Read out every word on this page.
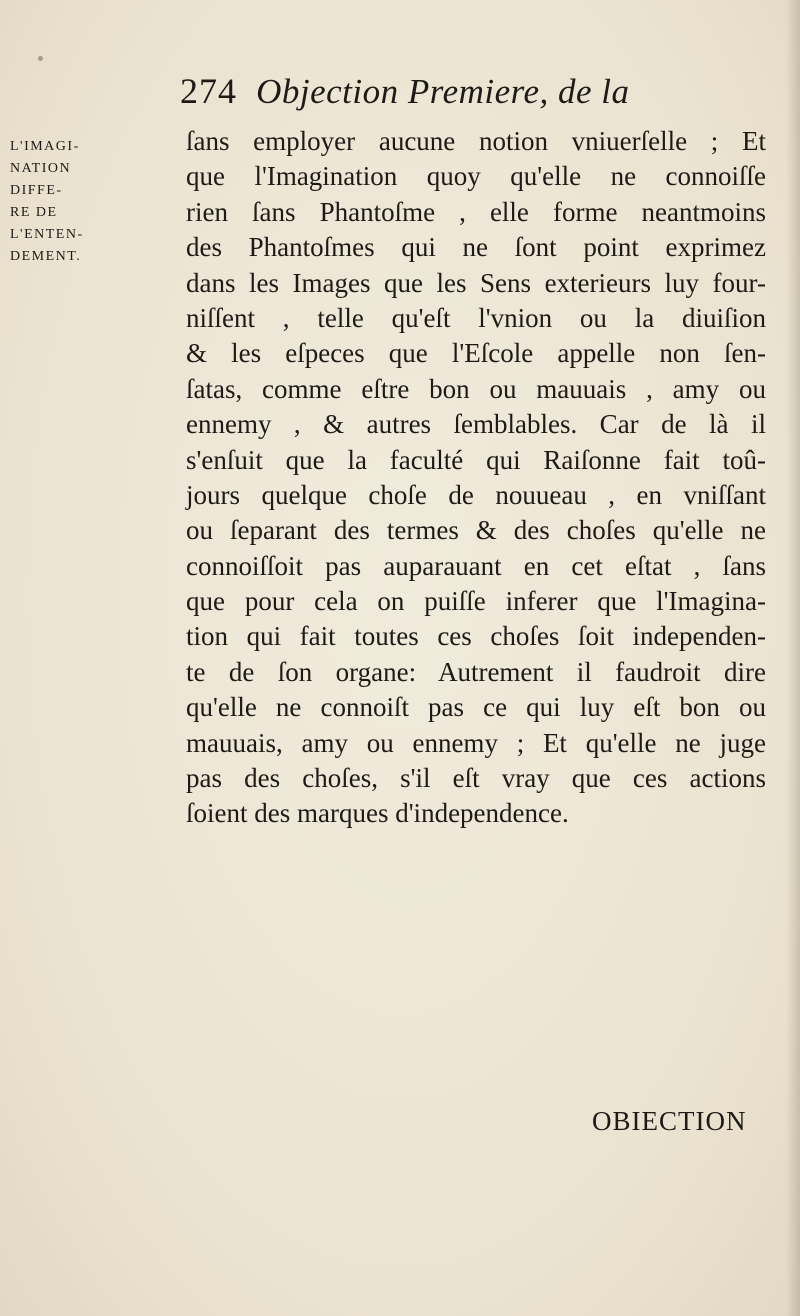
274 Objection Premiere, de la
L'IMAGI-
NATION
DIFFE-
RE DE
L'ENTEN-
DEMENT.
ſans employer aucune notion vniuerſelle ; Et
que l'Imagination quoy qu'elle ne connoiſſe
rien ſans Phantoſme , elle forme neantmoins
des Phantoſmes qui ne ſont point exprimez
dans les Images que les Sens exterieurs luy four-
niſſent , telle qu'eſt l'vnion ou la diuiſion
& les eſpeces que l'Eſcole appelle non ſen-
ſatas, comme eſtre bon ou mauuais , amy ou
ennemy , & autres ſemblables. Car de là il
s'enſuit que la faculté qui Raiſonne fait toû-
jours quelque choſe de nouueau , en vniſſant
ou ſeparant des termes & des choſes qu'elle ne
connoiſſoit pas auparauant en cet eſtat , ſans
que pour cela on puiſſe inferer que l'Imagina-
tion qui fait toutes ces choſes ſoit independen-
te de ſon organe: Autrement il faudroit dire
qu'elle ne connoiſt pas ce qui luy eſt bon ou
mauuais, amy ou ennemy ; Et qu'elle ne juge
pas des choſes, s'il eſt vray que ces actions
ſoient des marques d'independence.
OBIECTION
